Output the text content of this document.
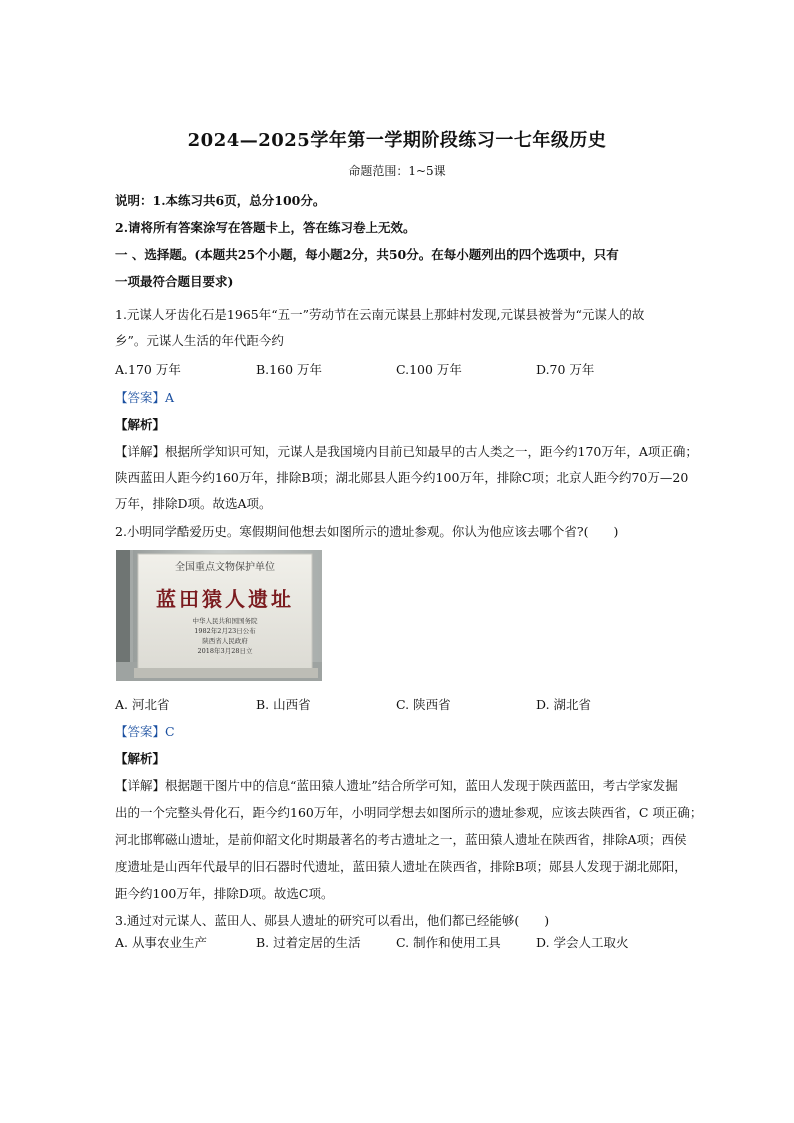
2024—2025学年第一学期阶段练习一七年级历史
命题范围：1~5课
说明：1.本练习共6页，总分100分。
2.请将所有答案涂写在答题卡上，答在练习卷上无效。
一 、选择题。(本题共25个小题，每小题2分，共50分。在每小题列出的四个选项中，只有
一项最符合题目要求)
1.元谋人牙齿化石是1965年“五一”劳动节在云南元谋县上那蚌村发现,元谋县被誉为“元谋人的故
乡”。元谋人生活的年代距今约
A.170 万年	B.160 万年	C.100 万年	D.70 万年
【答案】A
【解析】
【详解】根据所学知识可知，元谋人是我国境内目前已知最早的古人类之一，距今约170万年，A项正确；
陕西蓝田人距今约160万年，排除B项；湖北郧县人距今约100万年，排除C项；北京人距今约70万—20
万年，排除D项。故选A项。
2.小明同学酷爱历史。寒假期间他想去如图所示的遗址参观。你认为他应该去哪个省?(　　)
全国重点文物保护单位
蓝田猿人遗址
中华人民共和国国务院
1982年2月23日公布
陕西省人民政府
2018年3月28日立
A. 河北省	B. 山西省	C. 陕西省	D. 湖北省
【答案】C
【解析】
【详解】根据题干图片中的信息“蓝田猿人遗址”结合所学可知，蓝田人发现于陕西蓝田，考古学家发掘
出的一个完整头骨化石，距今约160万年，小明同学想去如图所示的遗址参观，应该去陕西省，C 项正确；
河北邯郸磁山遗址，是前仰韶文化时期最著名的考古遗址之一，蓝田猿人遗址在陕西省，排除A项；西侯
度遗址是山西年代最早的旧石器时代遗址，蓝田猿人遗址在陕西省，排除B项；郧县人发现于湖北郧阳，
距今约100万年，排除D项。故选C项。
3.通过对元谋人、蓝田人、郧县人遗址的研究可以看出，他们都已经能够(　　)
A. 从事农业生产	B. 过着定居的生活	C. 制作和使用工具	D. 学会人工取火
